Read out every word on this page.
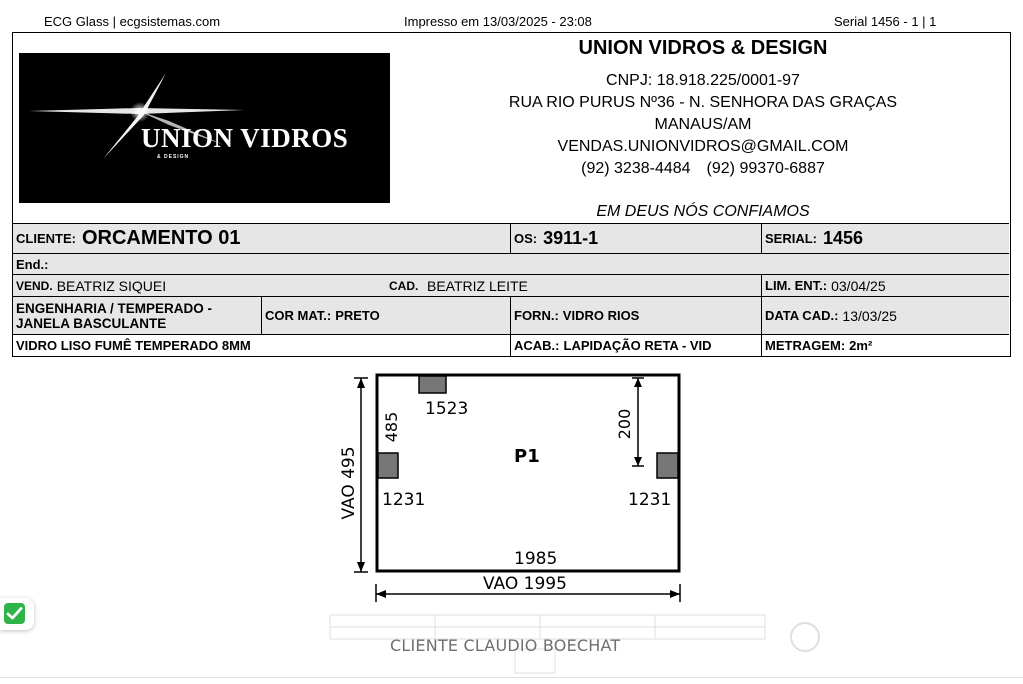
ECG Glass | ecgsistemas.com	Impresso em 13/03/2025 - 23:08	Serial 1456 - 1 | 1
UNION VIDROS
& DESIGN
UNION VIDROS & DESIGN
CNPJ: 18.918.225/0001-97
RUA RIO PURUS Nº36 - N. SENHORA DAS GRAÇAS
MANAUS/AM
VENDAS.UNIONVIDROS@GMAIL.COM
(92) 3238-4484 (92) 99370-6887
EM DEUS NÓS CONFIAMOS
CLIENTE: ORCAMENTO 01	OS: 3911-1	SERIAL: 1456
End.:
VEND. BEATRIZ SIQUEI	CAD. BEATRIZ LEITE	LIM. ENT.: 03/04/25
ENGENHARIA / TEMPERADO - JANELA BASCULANTE	COR MAT.: PRETO	FORN.: VIDRO RIOS	DATA CAD.: 13/03/25
VIDRO LISO FUMÊ TEMPERADO 8MM	ACAB.: LAPIDAÇÃO RETA - VID	METRAGEM: 2m²
VAO 495
200
1523
485
P1
1231	1231
1985
VAO 1995
CLIENTE CLAUDIO BOECHAT
